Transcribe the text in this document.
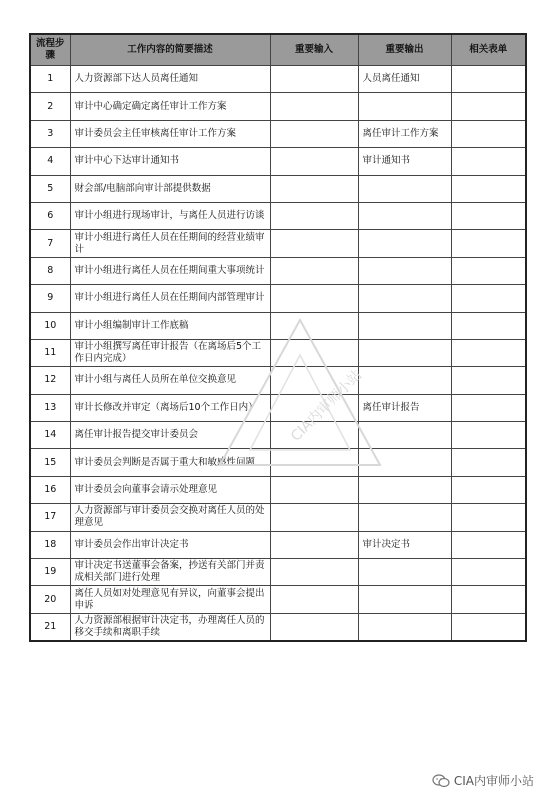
流程步骤	工作内容的简要描述	重要输入	重要输出	相关表单
1	人力资源部下达人员离任通知		人员离任通知	
2	审计中心确定确定离任审计工作方案			
3	审计委员会主任审核离任审计工作方案		离任审计工作方案	
4	审计中心下达审计通知书		审计通知书	
5	财会部/电脑部向审计部提供数据			
6	审计小组进行现场审计，与离任人员进行访谈			
7	审计小组进行离任人员在任期间的经营业绩审计			
8	审计小组进行离任人员在任期间重大事项统计			
9	审计小组进行离任人员在任期间内部管理审计			
10	审计小组编制审计工作底稿			
11	审计小组撰写离任审计报告（在离场后5个工作日内完成）			
12	审计小组与离任人员所在单位交换意见			
13	审计长修改并审定（离场后10个工作日内）		离任审计报告	
14	离任审计报告提交审计委员会			
15	审计委员会判断是否属于重大和敏感性问题			
16	审计委员会向董事会请示处理意见			
17	人力资源部与审计委员会交换对离任人员的处理意见			
18	审计委员会作出审计决定书		审计决定书	
19	审计决定书送董事会备案，抄送有关部门并责成相关部门进行处理			
20	离任人员如对处理意见有异议，向董事会提出申诉			
21	人力资源部根据审计决定书，办理离任人员的移交手续和离职手续			
CIA内审师小站
CIA内审师小站
